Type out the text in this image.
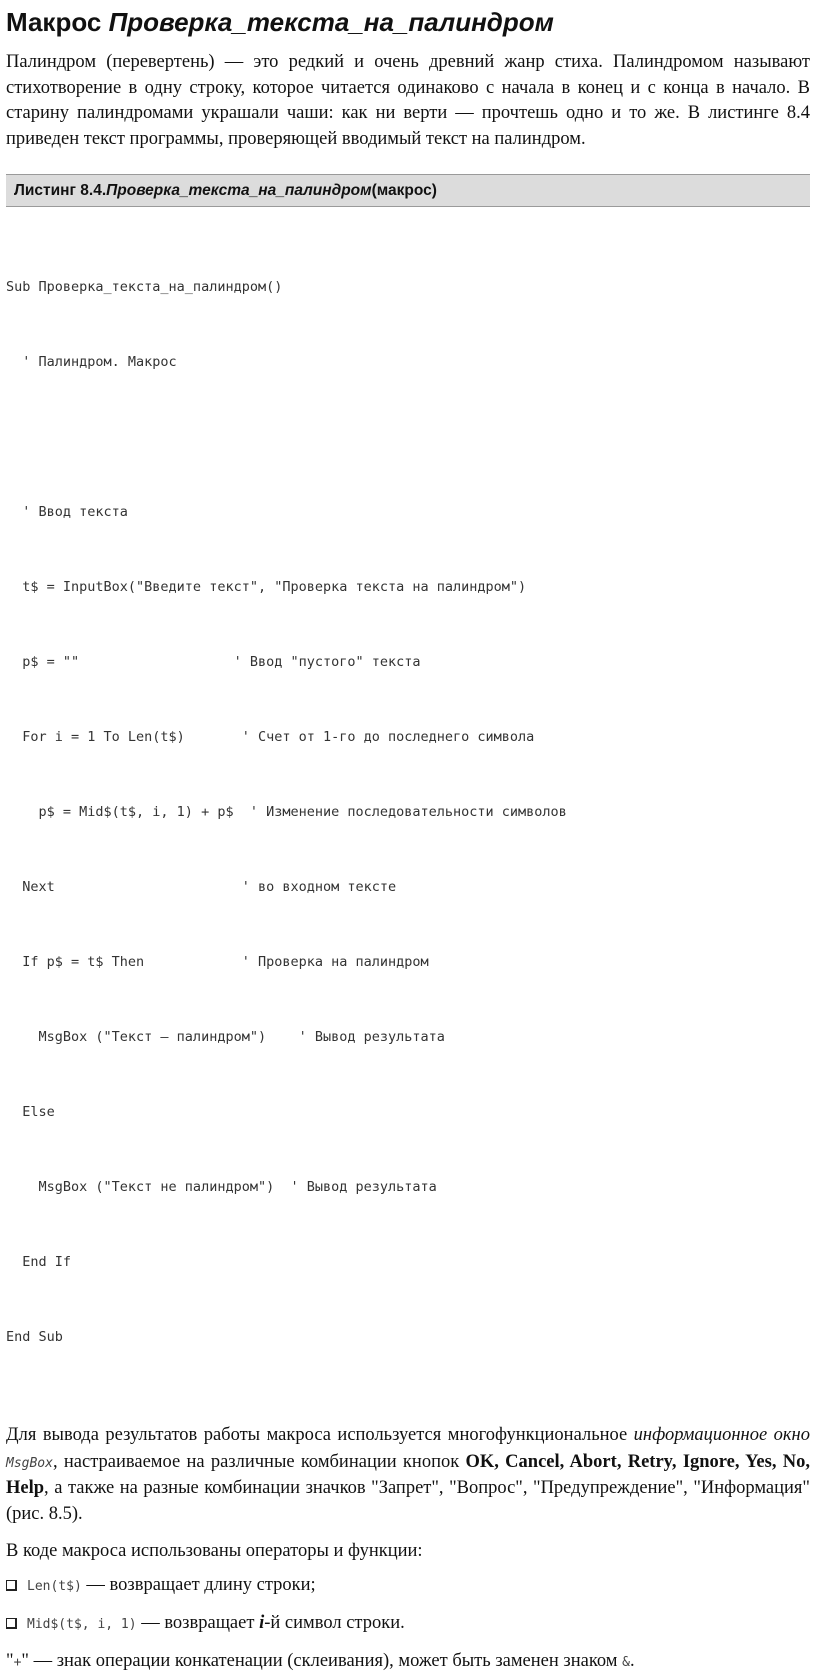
Макрос Проверка_текста_на_палиндром

Палиндром (перевертень) — это редкий и очень древний жанр стиха. Палиндромом называют стихотворение в одну строку, которое читается одинаково с начала в конец и с конца в начало. В старину палиндромами украшали чаши: как ни верти — прочтешь одно и то же. В листинге 8.4 приведен текст программы, проверяющей вводимый текст на палиндром.

Листинг 8.4. Проверка_текста_на_палиндром (макрос)

Sub Проверка_текста_на_палиндром()

' Палиндром. Макрос

' Ввод текста

t$ = InputBox("Введите текст", "Проверка текста на палиндром")

p$ = ""                   ' Ввод "пустого" текста

For i = 1 To Len(t$)       ' Счет от 1-го до последнего символа

p$ = Mid$(t$, i, 1) + p$  ' Изменение последовательности символов

Next                       ' во входном тексте

If p$ = t$ Then            ' Проверка на палиндром

MsgBox ("Текст — палиндром")    ' Вывод результата

Else

MsgBox ("Текст не палиндром")  ' Вывод результата

End If

End Sub

Для вывода результатов работы макроса используется многофункциональное информационное окно MsgBox, настраиваемое на различные комбинации кнопок OK, Cancel, Abort, Retry, Ignore, Yes, No, Help, а также на разные комбинации значков "Запрет", "Вопрос", "Предупреждение", "Информация" (рис. 8.5).

В коде макроса использованы операторы и функции:

Len(t$) — возвращает длину строки;
Mid$(t$, i, 1) — возвращает i-й символ строки.

"+" — знак операции конкатенации (склеивания), может быть заменен знаком &.
